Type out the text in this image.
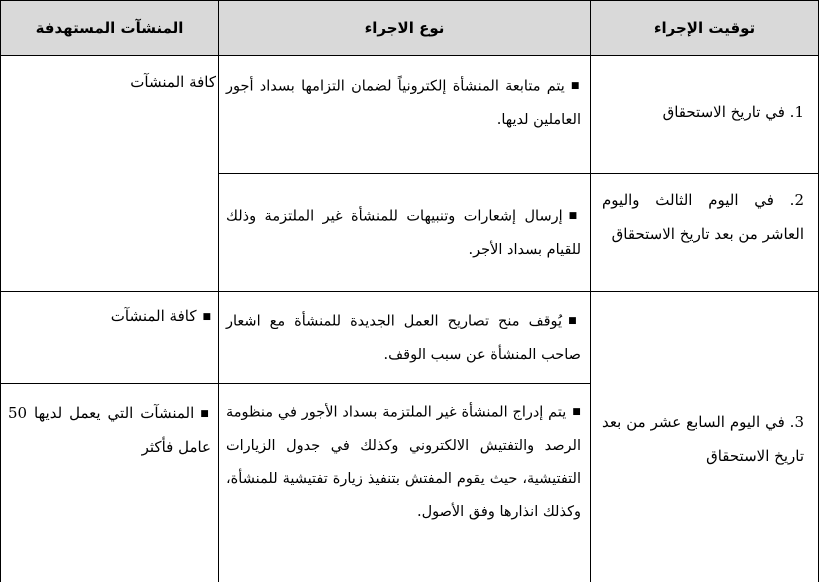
توقيت الإجراء
نوع الاجراء
المنشآت المستهدفة
1. في تاريخ الاستحقاق
2. في اليوم الثالث واليوم العاشر من بعد تاريخ الاستحقاق
3. في اليوم السابع عشر من بعد تاريخ الاستحقاق
■يتم متابعة المنشأة إلكترونياً لضمان التزامها بسداد أجور العاملين لديها.
■إرسال إشعارات وتنبيهات للمنشأة غير الملتزمة وذلك للقيام بسداد الأجر.
■يُوقف منح تصاريح العمل الجديدة للمنشأة مع اشعار صاحب المنشأة عن سبب الوقف.
■يتم إدراج المنشأة غير الملتزمة بسداد الأجور في منظومة الرصد والتفتيش الالكتروني وكذلك في جدول الزيارات التفتيشية، حيث يقوم المفتش بتنفيذ زيارة تفتيشية للمنشأة، وكذلك انذارها وفق الأصول.
كافة المنشآت
■كافة المنشآت
■المنشآت التي يعمل لديها 50 عامل فأكثر
